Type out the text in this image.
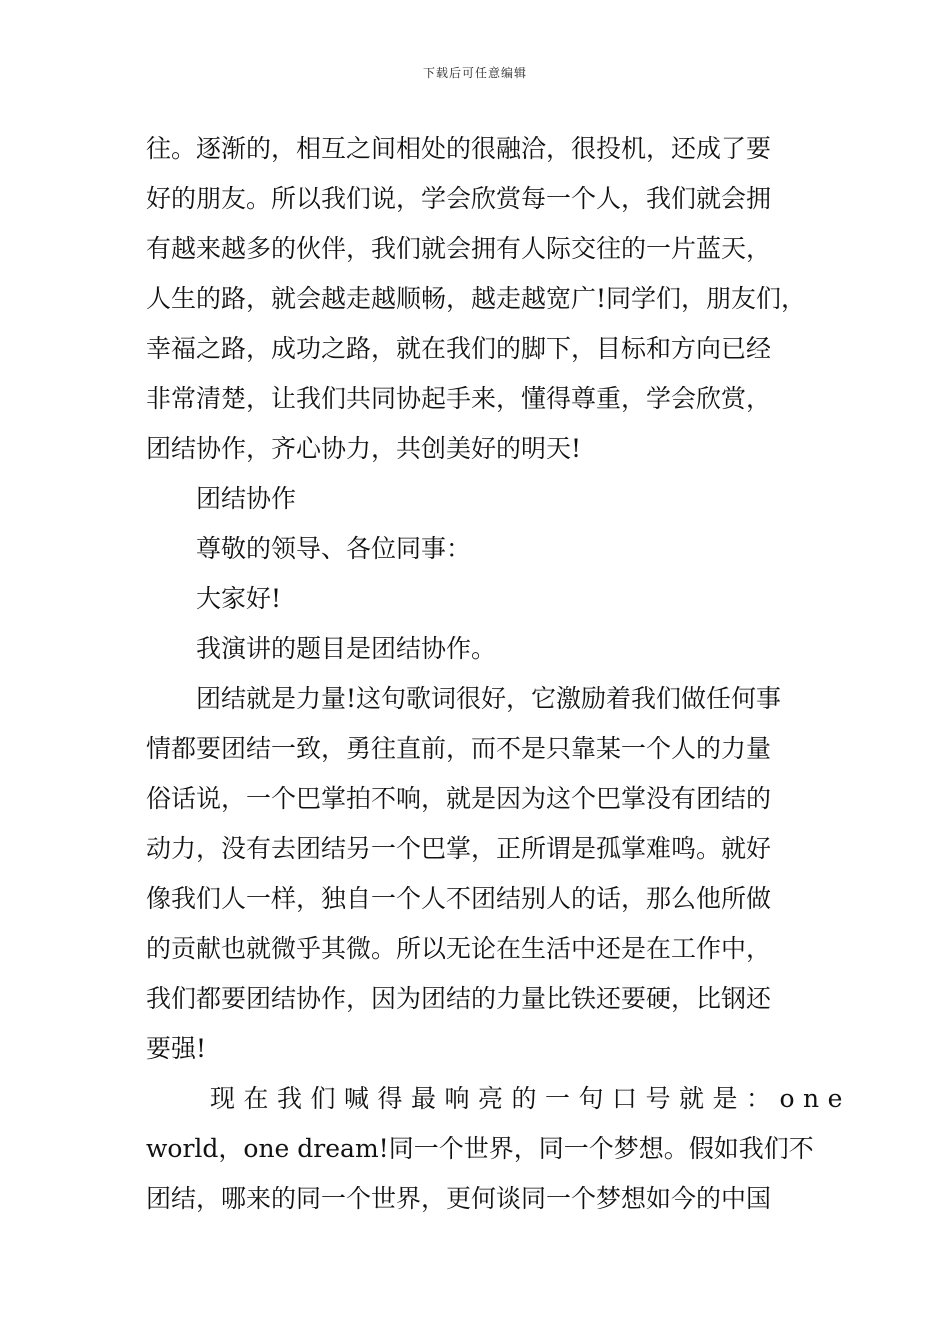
下载后可任意编辑
往。逐渐的，相互之间相处的很融洽，很投机，还成了要
好的朋友。所以我们说，学会欣赏每一个人，我们就会拥
有越来越多的伙伴，我们就会拥有人际交往的一片蓝天，
人生的路，就会越走越顺畅，越走越宽广!同学们，朋友们，
幸福之路，成功之路，就在我们的脚下，目标和方向已经
非常清楚，让我们共同协起手来，懂得尊重，学会欣赏，
团结协作，齐心协力，共创美好的明天!
团结协作
尊敬的领导、各位同事：
大家好!
我演讲的题目是团结协作。
团结就是力量!这句歌词很好，它激励着我们做任何事
情都要团结一致，勇往直前，而不是只靠某一个人的力量
俗话说，一个巴掌拍不响，就是因为这个巴掌没有团结的
动力，没有去团结另一个巴掌，正所谓是孤掌难鸣。就好
像我们人一样，独自一个人不团结别人的话，那么他所做
的贡献也就微乎其微。所以无论在生活中还是在工作中，
我们都要团结协作，因为团结的力量比铁还要硬，比钢还
要强!
现在我们喊得最响亮的一句口号就是：one
world，one dream!同一个世界，同一个梦想。假如我们不
团结，哪来的同一个世界，更何谈同一个梦想如今的中国
